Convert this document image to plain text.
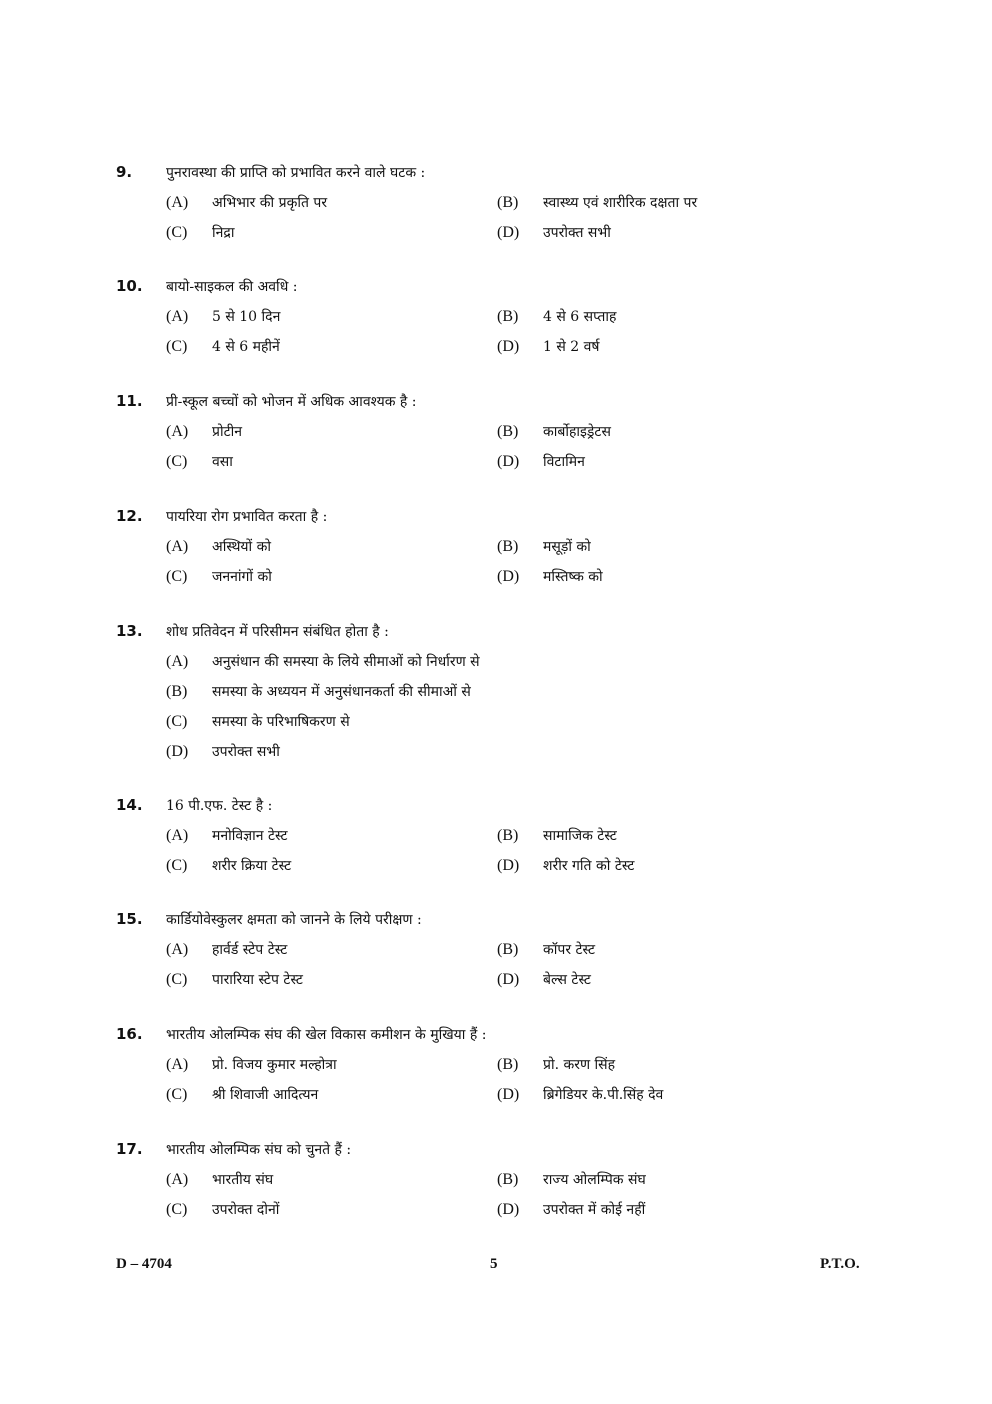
9. पुनरावस्था की प्राप्ति को प्रभावित करने वाले घटक :
(A) अभिभार की प्रकृति पर	(B) स्वास्थ्य एवं शारीरिक दक्षता पर
(C) निद्रा	(D) उपरोक्त सभी
10. बायो-साइकल की अवधि :
(A) 5 से 10 दिन	(B) 4 से 6 सप्ताह
(C) 4 से 6 महीनें	(D) 1 से 2 वर्ष
11. प्री-स्कूल बच्चों को भोजन में अधिक आवश्यक है :
(A) प्रोटीन	(B) कार्बोहाइड्रेटस
(C) वसा	(D) विटामिन
12. पायरिया रोग प्रभावित करता है :
(A) अस्थियों को	(B) मसूड़ों को
(C) जननांगों को	(D) मस्तिष्क को
13. शोध प्रतिवेदन में परिसीमन संबंधित होता है :
(A) अनुसंधान की समस्या के लिये सीमाओं को निर्धारण से
(B) समस्या के अध्ययन में अनुसंधानकर्ता की सीमाओं से
(C) समस्या के परिभाषिकरण से
(D) उपरोक्त सभी
14. 16 पी.एफ. टेस्ट है :
(A) मनोविज्ञान टेस्ट	(B) सामाजिक टेस्ट
(C) शरीर क्रिया टेस्ट	(D) शरीर गति को टेस्ट
15. कार्डियोवेस्कुलर क्षमता को जानने के लिये परीक्षण :
(A) हार्वर्ड स्टेप टेस्ट	(B) कॉपर टेस्ट
(C) पारारिया स्टेप टेस्ट	(D) बेल्स टेस्ट
16. भारतीय ओलम्पिक संघ की खेल विकास कमीशन के मुखिया हैं :
(A) प्रो. विजय कुमार मल्होत्रा	(B) प्रो. करण सिंह
(C) श्री शिवाजी आदित्यन	(D) ब्रिगेडियर के.पी.सिंह देव
17. भारतीय ओलम्पिक संघ को चुनते हैं :
(A) भारतीय संघ	(B) राज्य ओलम्पिक संघ
(C) उपरोक्त दोनों	(D) उपरोक्त में कोई नहीं
D – 4704	5	P.T.O.
